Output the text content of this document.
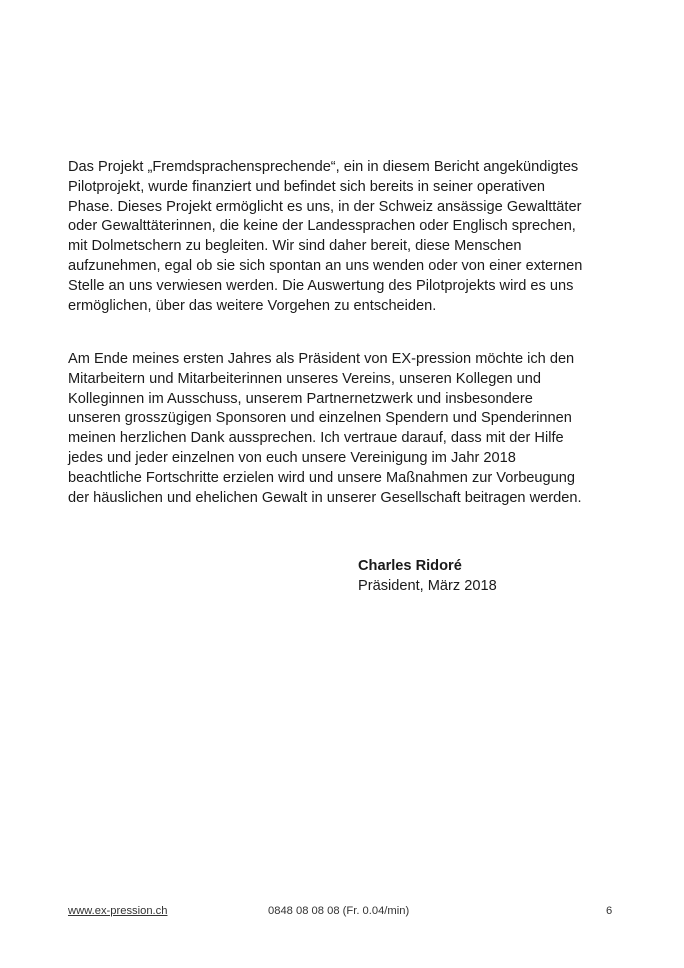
Das Projekt „Fremdsprachensprechende“, ein in diesem Bericht angekündigtes
Pilotprojekt, wurde finanziert und befindet sich bereits in seiner operativen
Phase. Dieses Projekt ermöglicht es uns, in der Schweiz ansässige Gewalttäter
oder Gewalttäterinnen, die keine der Landessprachen oder Englisch sprechen,
mit Dolmetschern zu begleiten. Wir sind daher bereit, diese Menschen
aufzunehmen, egal ob sie sich spontan an uns wenden oder von einer externen
Stelle an uns verwiesen werden. Die Auswertung des Pilotprojekts wird es uns
ermöglichen, über das weitere Vorgehen zu entscheiden.

Am Ende meines ersten Jahres als Präsident von EX-pression möchte ich den
Mitarbeitern und Mitarbeiterinnen unseres Vereins, unseren Kollegen und
Kolleginnen im Ausschuss, unserem Partnernetzwerk und insbesondere
unseren grosszügigen Sponsoren und einzelnen Spendern und Spenderinnen
meinen herzlichen Dank aussprechen. Ich vertraue darauf, dass mit der Hilfe
jedes und jeder einzelnen von euch unsere Vereinigung im Jahr 2018
beachtliche Fortschritte erzielen wird und unsere Maßnahmen zur Vorbeugung
der häuslichen und ehelichen Gewalt in unserer Gesellschaft beitragen werden.

Charles Ridoré
Präsident, März 2018
www.ex-pression.ch	0848 08 08 08 (Fr. 0.04/min)	6
